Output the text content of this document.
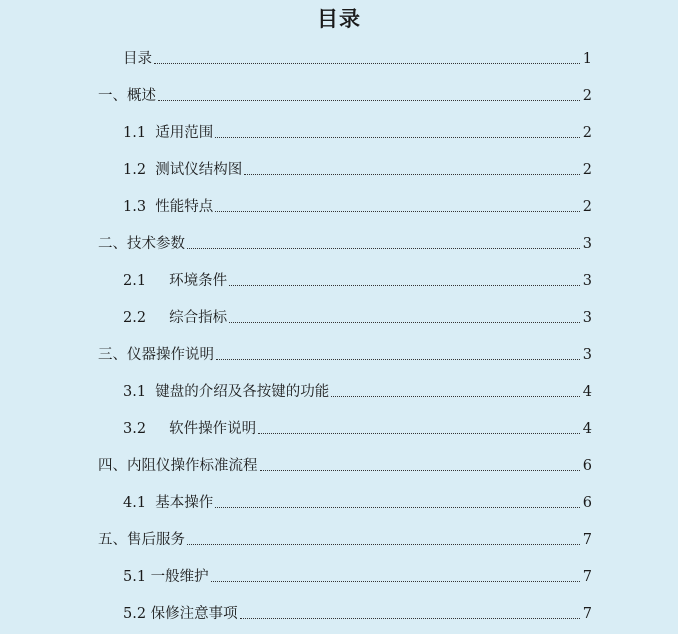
目录
目录	1
一、概述	2
1.1  适用范围	2
1.2  测试仪结构图	2
1.3  性能特点	2
二、技术参数	3
2.1     环境条件	3
2.2     综合指标	3
三、仪器操作说明	3
3.1  键盘的介绍及各按键的功能	4
3.2     软件操作说明	4
四、内阻仪操作标准流程	6
4.1  基本操作	6
五、售后服务	7
5.1 一般维护	7
5.2 保修注意事项	7
